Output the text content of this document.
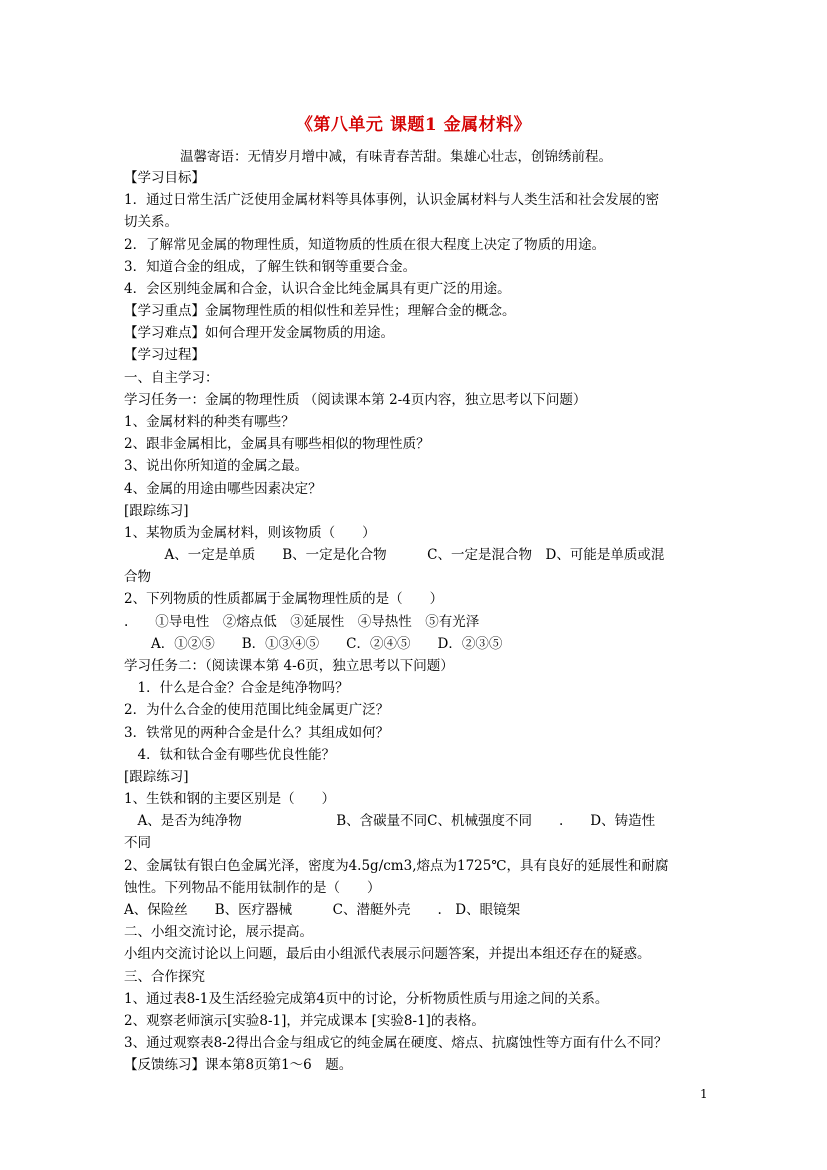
《第八单元 课题1 金属材料》
温馨寄语：无情岁月增中减，有味青春苦甜。集雄心壮志，创锦绣前程。
【学习目标】
1．通过日常生活广泛使用金属材料等具体事例，认识金属材料与人类生活和社会发展的密
切关系。
2．了解常见金属的物理性质，知道物质的性质在很大程度上决定了物质的用途。
3．知道合金的组成，了解生铁和钢等重要合金。
4．会区别纯金属和合金，认识合金比纯金属具有更广泛的用途。
【学习重点】金属物理性质的相似性和差异性；理解合金的概念。
【学习难点】如何合理开发金属物质的用途。
【学习过程】
一、自主学习：
学习任务一：金属的物理性质 （阅读课本第 2-4页内容，独立思考以下问题）
1、金属材料的种类有哪些？
2、跟非金属相比，金属具有哪些相似的物理性质？
3、说出你所知道的金属之最。
4、金属的用途由哪些因素决定？
[跟踪练习]
1、某物质为金属材料，则该物质（　　）
　　　A、一定是单质　　B、一定是化合物　　　C、一定是混合物　D、可能是单质或混
合物
2、下列物质的性质都属于金属物理性质的是（　　）
.　　①导电性　②熔点低　③延展性　④导热性　⑤有光泽
　　A．①②⑤　　B．①③④⑤　　C．②④⑤　　D．②③⑤
学习任务二：（阅读课本第 4-6页，独立思考以下问题）
　1．什么是合金？合金是纯净物吗？
2．为什么合金的使用范围比纯金属更广泛？
3．铁常见的两种合金是什么？其组成如何？
　4．钛和钛合金有哪些优良性能？
[跟踪练习]
1、生铁和钢的主要区别是（　　）
　A、是否为纯净物　　　　　　　B、含碳量不同C、机械强度不同　　.　　D、铸造性
不同
2、金属钛有银白色金属光泽，密度为4.5g/cm3,熔点为1725℃，具有良好的延展性和耐腐
蚀性。下列物品不能用钛制作的是（　　）
A、保险丝　　B、医疗器械　　　C、潜艇外壳　　.　D、眼镜架
二、小组交流讨论，展示提高。
小组内交流讨论以上问题，最后由小组派代表展示问题答案，并提出本组还存在的疑惑。
三、合作探究
1、通过表8-1及生活经验完成第4页中的讨论，分析物质性质与用途之间的关系。
2、观察老师演示[实验8-1]，并完成课本 [实验8-1]的表格。
3、通过观察表8-2得出合金与组成它的纯金属在硬度、熔点、抗腐蚀性等方面有什么不同？
【反馈练习】课本第8页第1～6　题。
1
